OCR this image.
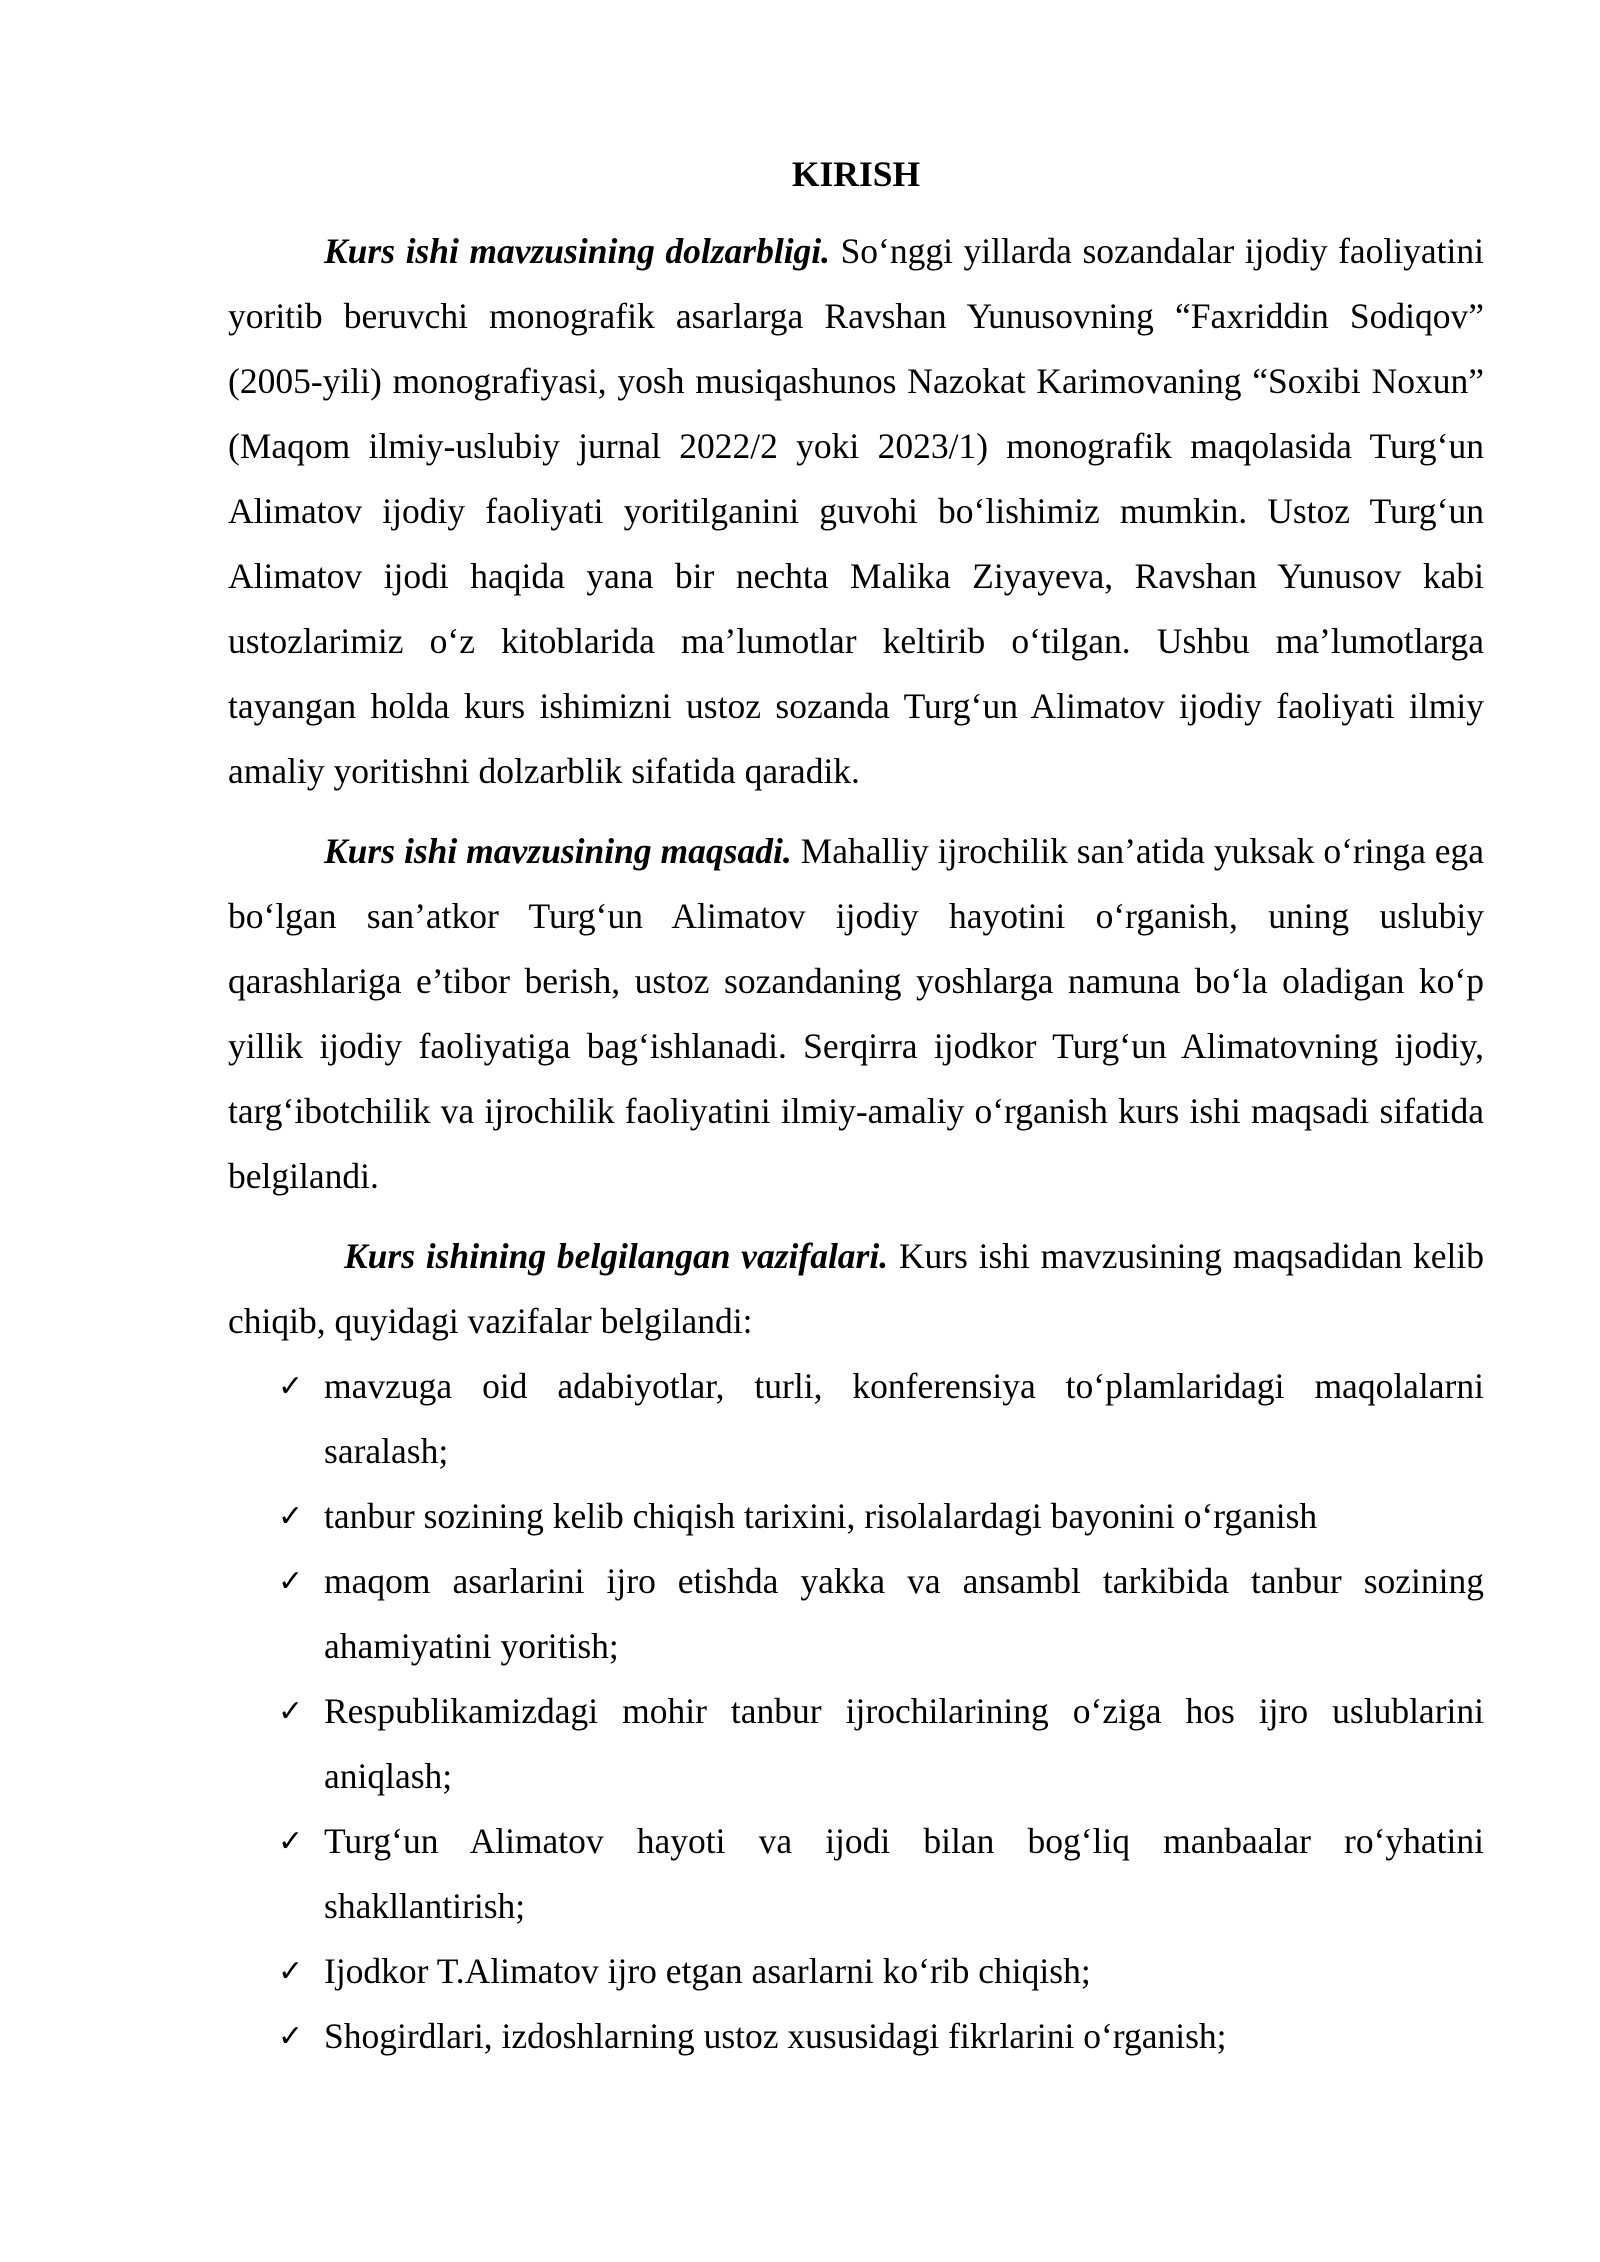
KIRISH

Kurs ishi mavzusining dolzarbligi. So‘nggi yillarda sozandalar ijodiy faoliyatini yoritib beruvchi monografik asarlarga Ravshan Yunusovning “Faxriddin Sodiqov” (2005-yili) monografiyasi, yosh musiqashunos Nazokat Karimovaning “Soxibi Noxun” (Maqom ilmiy-uslubiy jurnal 2022/2 yoki 2023/1) monografik maqolasida Turg‘un Alimatov ijodiy faoliyati yoritilganini guvohi bo‘lishimiz mumkin. Ustoz Turg‘un Alimatov ijodi haqida yana bir nechta Malika Ziyayeva, Ravshan Yunusov kabi ustozlarimiz o‘z kitoblarida ma’lumotlar keltirib o‘tilgan. Ushbu ma’lumotlarga tayangan holda kurs ishimizni ustoz sozanda Turg‘un Alimatov ijodiy faoliyati ilmiy amaliy yoritishni dolzarblik sifatida qaradik.

Kurs ishi mavzusining maqsadi. Mahalliy ijrochilik san’atida yuksak o‘ringa ega bo‘lgan san’atkor Turg‘un Alimatov ijodiy hayotini o‘rganish, uning uslubiy qarashlariga e’tibor berish, ustoz sozandaning yoshlarga namuna bo‘la oladigan ko‘p yillik ijodiy faoliyatiga bag‘ishlanadi. Serqirra ijodkor Turg‘un Alimatovning ijodiy, targ‘ibotchilik va ijrochilik faoliyatini ilmiy-amaliy o‘rganish kurs ishi maqsadi sifatida belgilandi.

Kurs ishining belgilangan vazifalari. Kurs ishi mavzusining maqsadidan kelib chiqib, quyidagi vazifalar belgilandi:

✓ mavzuga oid adabiyotlar, turli, konferensiya to‘plamlaridagi maqolalarni saralash;
✓ tanbur sozining kelib chiqish tarixini, risolalardagi bayonini o‘rganish
✓ maqom asarlarini ijro etishda yakka va ansambl tarkibida tanbur sozining ahamiyatini yoritish;
✓ Respublikamizdagi mohir tanbur ijrochilarining o‘ziga hos ijro uslublarini aniqlash;
✓ Turg‘un Alimatov hayoti va ijodi bilan bog‘liq manbaalar ro‘yhatini shakllantirish;
✓ Ijodkor T.Alimatov ijro etgan asarlarni ko‘rib chiqish;
✓ Shogirdlari, izdoshlarning ustoz xususidagi fikrlarini o‘rganish;
